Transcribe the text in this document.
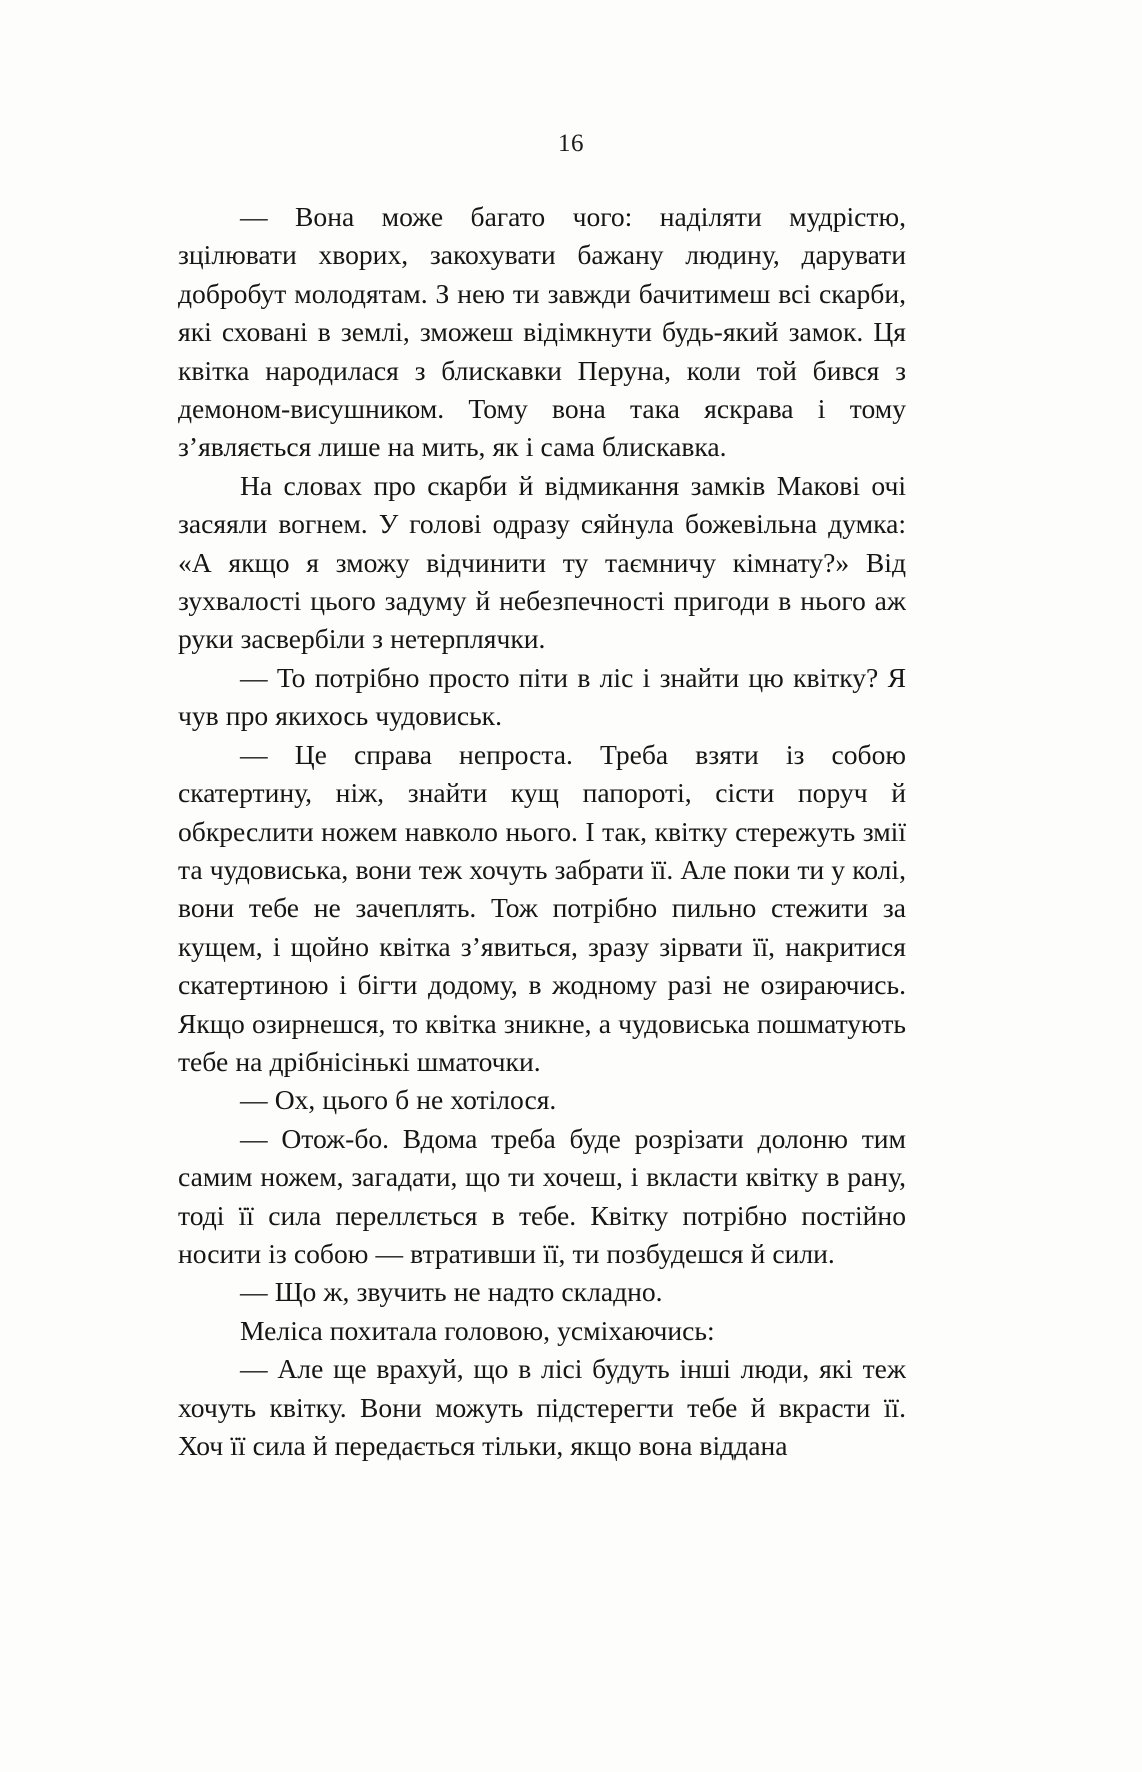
16

— Вона може багато чого: наділяти мудрістю, зцілювати хворих, закохувати бажану людину, дарувати добробут молодятам. З нею ти завжди бачитимеш всі скарби, які сховані в землі, зможеш відімкнути будь-який замок. Ця квітка народилася з блискавки Перуна, коли той бився з демоном-висушником. Тому вона така яскрава і тому з’являється лише на мить, як і сама блискавка.

На словах про скарби й відмикання замків Макові очі засяяли вогнем. У голові одразу сяйнула божевільна думка: «А якщо я зможу відчинити ту таємничу кімнату?» Від зухвалості цього задуму й небезпечності пригоди в нього аж руки засвербіли з нетерплячки.

— То потрібно просто піти в ліс і знайти цю квітку? Я чув про якихось чудовиськ.

— Це справа непроста. Треба взяти із собою скатертину, ніж, знайти кущ папороті, сісти поруч й обкреслити ножем навколо нього. І так, квітку стережуть змії та чудовиська, вони теж хочуть забрати її. Але поки ти у колі, вони тебе не зачеплять. Тож потрібно пильно стежити за кущем, і щойно квітка з’явиться, зразу зірвати її, накритися скатертиною і бігти додому, в жодному разі не озираючись. Якщо озирнешся, то квітка зникне, а чудовиська пошматують тебе на дрібнісінькі шматочки.

— Ох, цього б не хотілося.

— Отож-бо. Вдома треба буде розрізати долоню тим самим ножем, загадати, що ти хочеш, і вкласти квітку в рану, тоді її сила переллється в тебе. Квітку потрібно постійно носити із собою — втративши її, ти позбудешся й сили.

— Що ж, звучить не надто складно.

Меліса похитала головою, усміхаючись:

— Але ще врахуй, що в лісі будуть інші люди, які теж хочуть квітку. Вони можуть підстерегти тебе й вкрасти її. Хоч її сила й передається тільки, якщо вона віддана
